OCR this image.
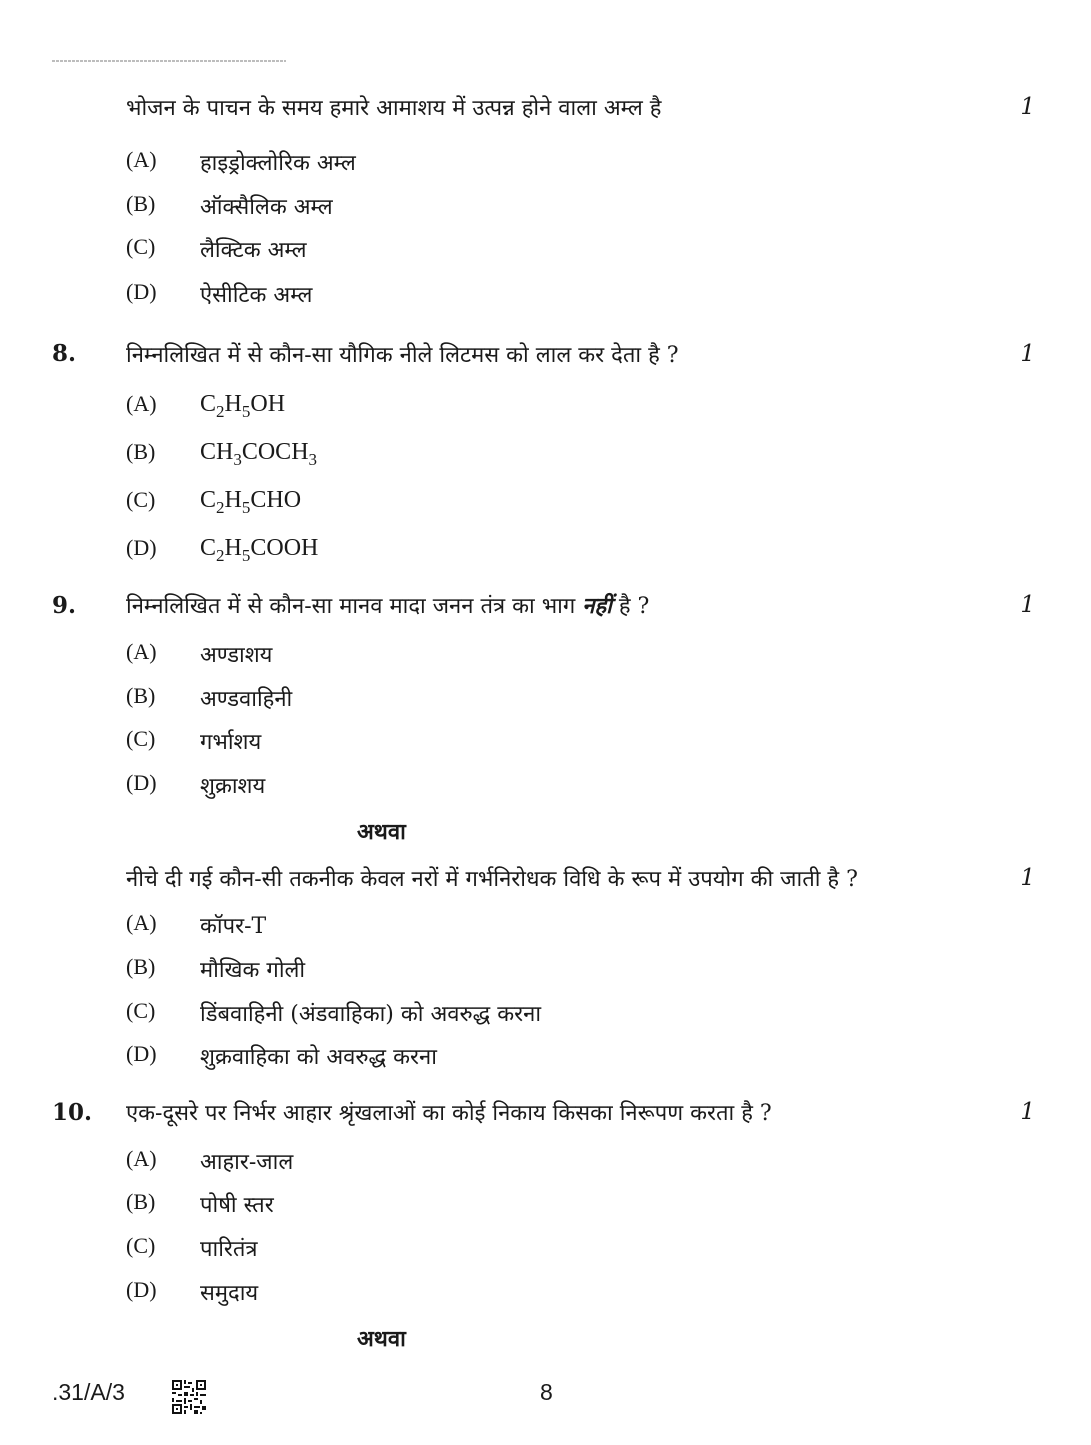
भोजन के पाचन के समय हमारे आमाशय में उत्पन्न होने वाला अम्ल है	1
(A) हाइड्रोक्लोरिक अम्ल
(B) ऑक्सैलिक अम्ल
(C) लैक्टिक अम्ल
(D) ऐसीटिक अम्ल
8. निम्नलिखित में से कौन-सा यौगिक नीले लिटमस को लाल कर देता है ?	1
(A) $C_2H_5OH$
(B) $CH_3COCH_3$
(C) $C_2H_5CHO$
(D) $C_2H_5COOH$
9. निम्नलिखित में से कौन-सा मानव मादा जनन तंत्र का भाग नहीं है ?	1
(A) अण्डाशय
(B) अण्डवाहिनी
(C) गर्भाशय
(D) शुक्राशय
अथवा
नीचे दी गई कौन-सी तकनीक केवल नरों में गर्भनिरोधक विधि के रूप में उपयोग की जाती है ?	1
(A) कॉपर-T
(B) मौखिक गोली
(C) डिंबवाहिनी (अंडवाहिका) को अवरुद्ध करना
(D) शुक्रवाहिका को अवरुद्ध करना
10. एक-दूसरे पर निर्भर आहार श्रृंखलाओं का कोई निकाय किसका निरूपण करता है ?	1
(A) आहार-जाल
(B) पोषी स्तर
(C) पारितंत्र
(D) समुदाय
अथवा
.31/A/3	8
